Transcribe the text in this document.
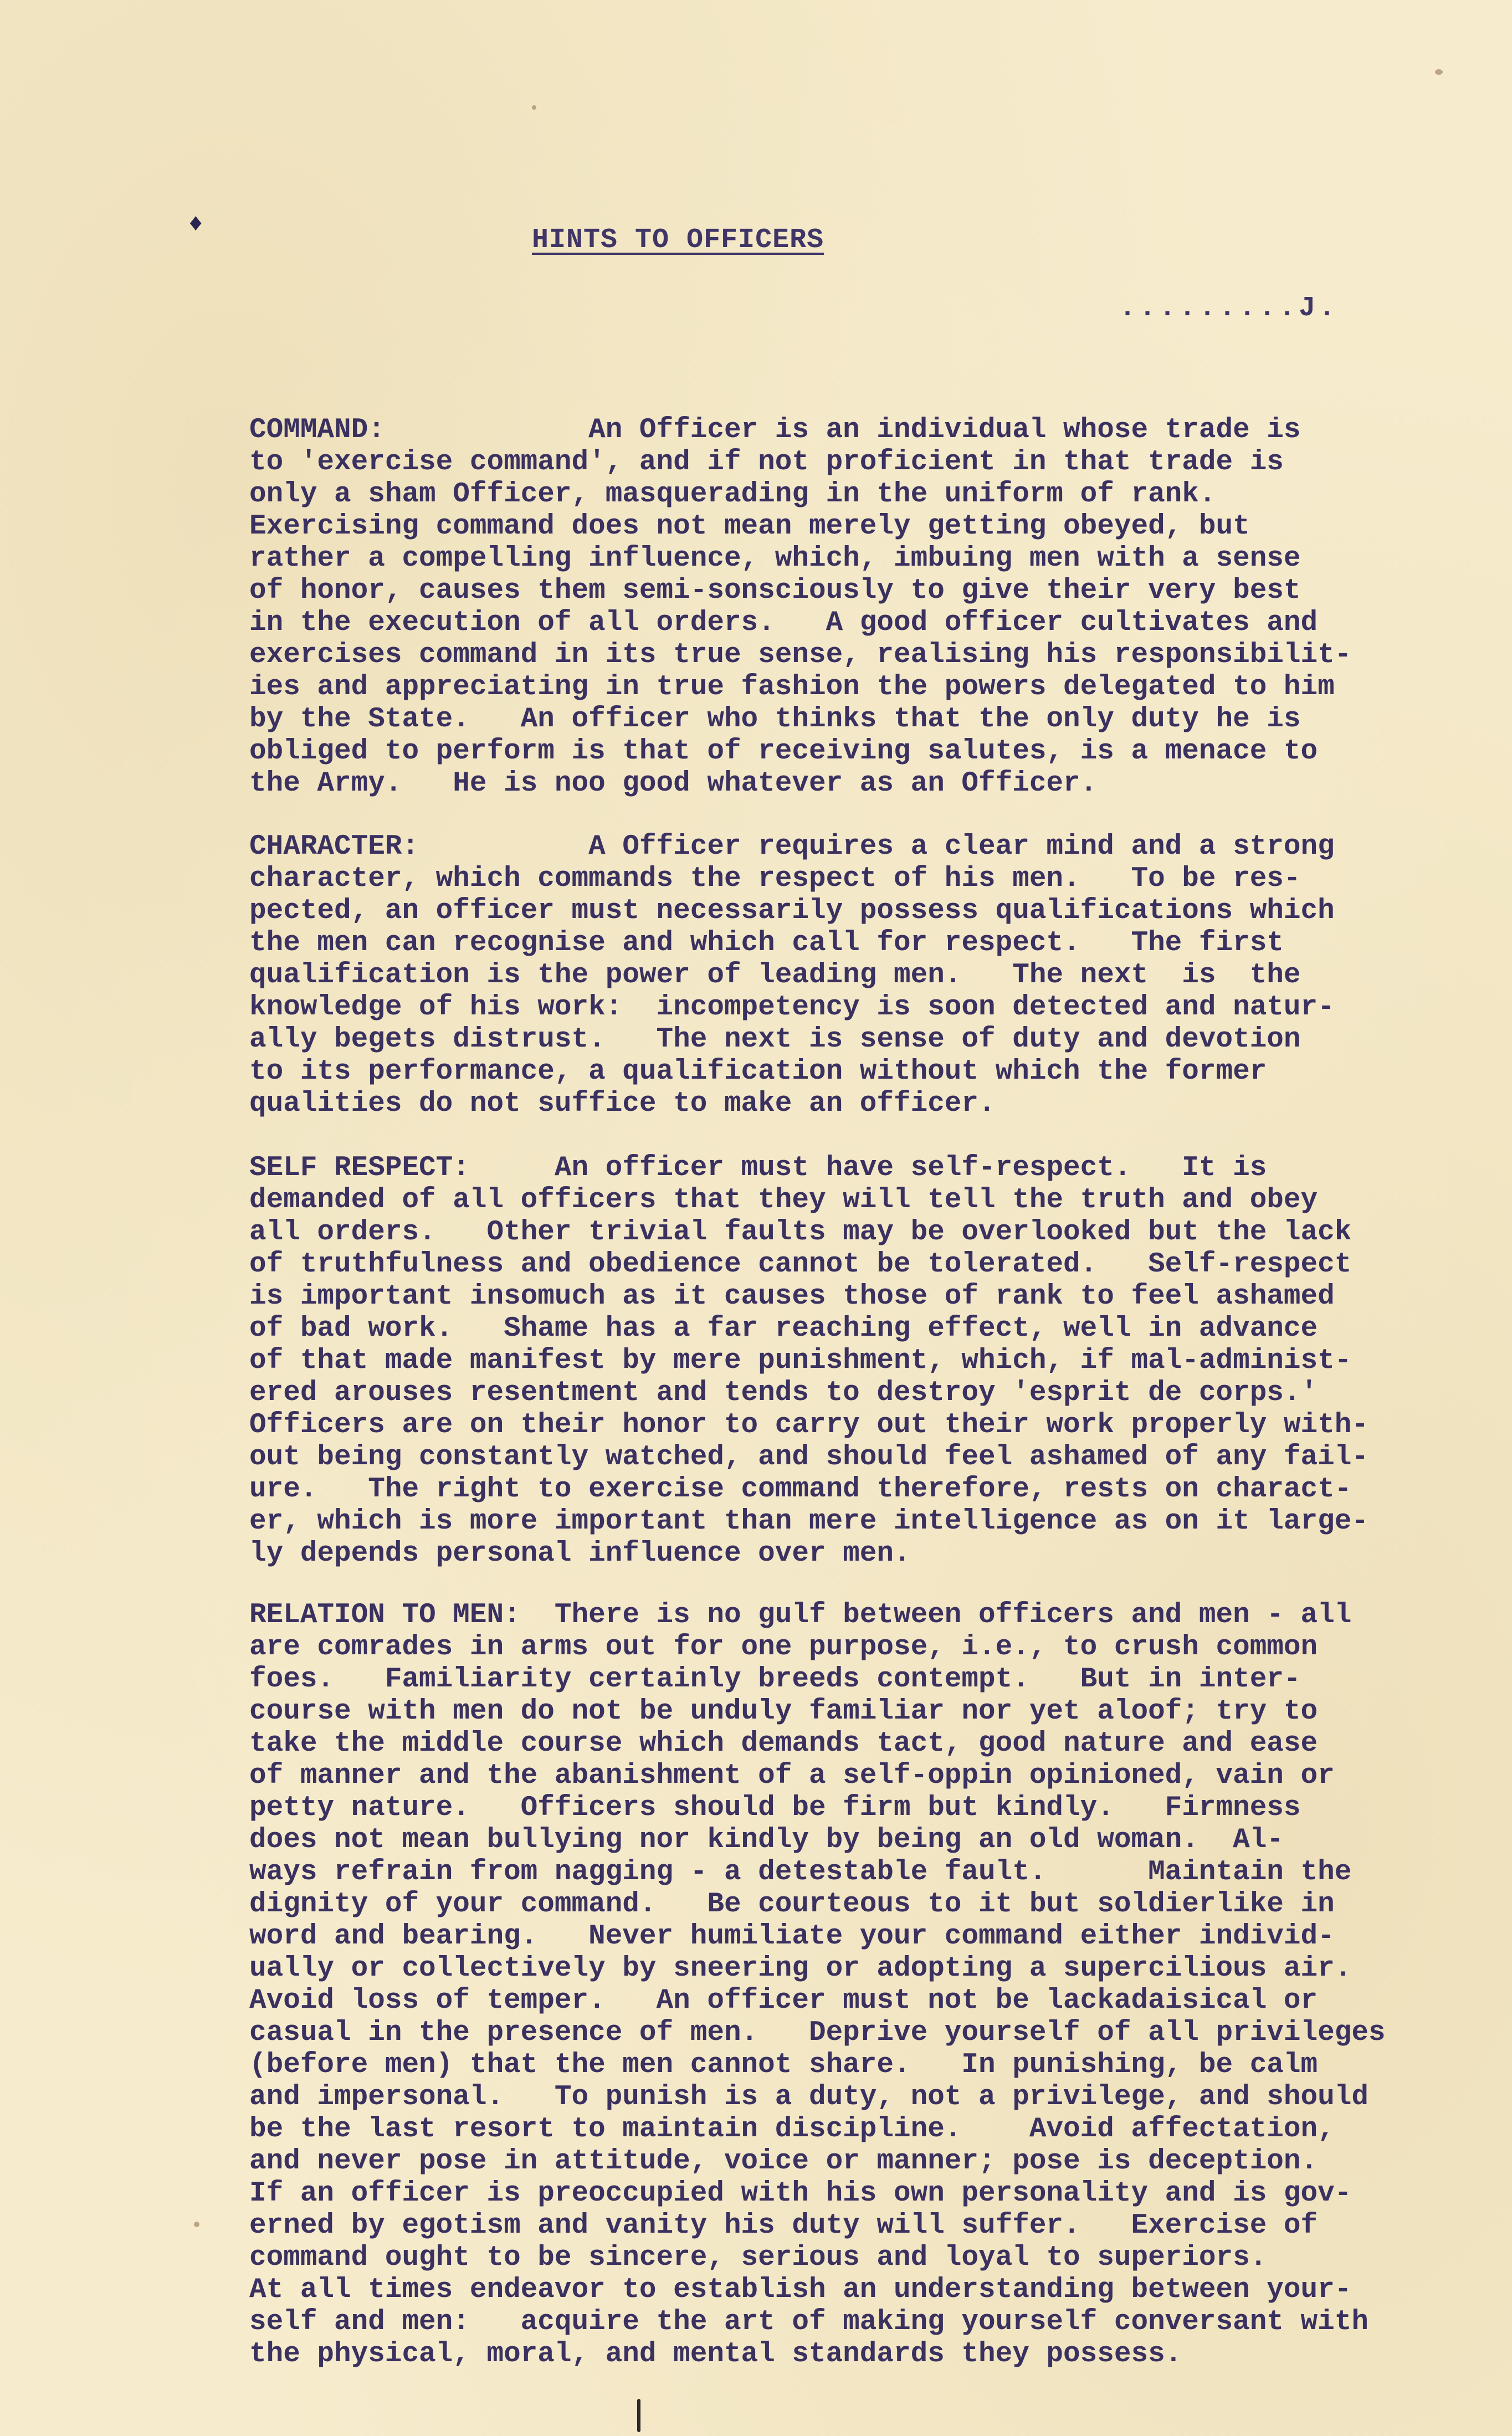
♦	HINTS TO OFFICERS
.........J.
COMMAND:	An Officer is an individual whose trade is
to 'exercise command', and if not proficient in that trade is
only a sham Officer, masquerading in the uniform of rank.
Exercising command does not mean merely getting obeyed, but
rather a compelling influence, which, imbuing men with a sense
of honor, causes them semi-sonsciously to give their very best
in the execution of all orders.   A good officer cultivates and
exercises command in its true sense, realising his responsibilit-
ies and appreciating in true fashion the powers delegated to him
by the State.   An officer who thinks that the only duty he is
obliged to perform is that of receiving salutes, is a menace to
the Army.   He is noo good whatever as an Officer.
CHARACTER:	A Officer requires a clear mind and a strong
character, which commands the respect of his men.   To be res-
pected, an officer must necessarily possess qualifications which
the men can recognise and which call for respect.   The first
qualification is the power of leading men.   The next  is  the
knowledge of his work:  incompetency is soon detected and natur-
ally begets distrust.   The next is sense of duty and devotion
to its performance, a qualification without which the former
qualities do not suffice to make an officer.
SELF RESPECT:	An officer must have self-respect.   It is
demanded of all officers that they will tell the truth and obey
all orders.   Other trivial faults may be overlooked but the lack
of truthfulness and obedience cannot be tolerated.   Self-respect
is important insomuch as it causes those of rank to feel ashamed
of bad work.   Shame has a far reaching effect, well in advance
of that made manifest by mere punishment, which, if mal-administ-
ered arouses resentment and tends to destroy 'esprit de corps.'
Officers are on their honor to carry out their work properly with-
out being constantly watched, and should feel ashamed of any fail-
ure.   The right to exercise command therefore, rests on charact-
er, which is more important than mere intelligence as on it large-
ly depends personal influence over men.
RELATION TO MEN:  There is no gulf between officers and men - all
are comrades in arms out for one purpose, i.e., to crush common
foes.   Familiarity certainly breeds contempt.   But in inter-
course with men do not be unduly familiar nor yet aloof; try to
take the middle course which demands tact, good nature and ease
of manner and the abanishment of a self-oppin opinioned, vain or
petty nature.   Officers should be firm but kindly.   Firmness
does not mean bullying nor kindly by being an old woman.  Al-
ways refrain from nagging - a detestable fault.      Maintain the
dignity of your command.   Be courteous to it but soldierlike in
word and bearing.   Never humiliate your command either individ-
ually or collectively by sneering or adopting a supercilious air.
Avoid loss of temper.   An officer must not be lackadaisical or
casual in the presence of men.   Deprive yourself of all privileges
(before men) that the men cannot share.   In punishing, be calm
and impersonal.   To punish is a duty, not a privilege, and should
be the last resort to maintain discipline.    Avoid affectation,
and never pose in attitude, voice or manner; pose is deception.
If an officer is preoccupied with his own personality and is gov-
erned by egotism and vanity his duty will suffer.   Exercise of
command ought to be sincere, serious and loyal to superiors.
At all times endeavor to establish an understanding between your-
self and men:   acquire the art of making yourself conversant with
the physical, moral, and mental standards they possess.
